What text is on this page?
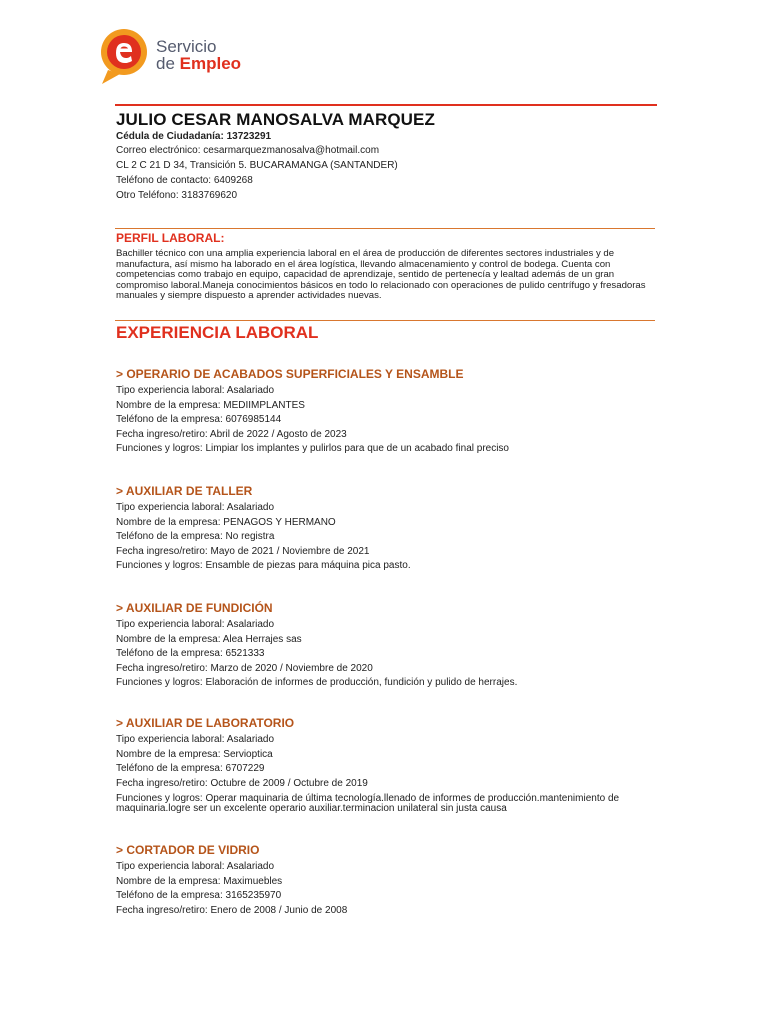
Servicio
de Empleo
JULIO CESAR MANOSALVA MARQUEZ
Cédula de Ciudadanía: 13723291
Correo electrónico: cesarmarquezmanosalva@hotmail.com
CL 2 C 21 D 34, Transición 5. BUCARAMANGA (SANTANDER)
Teléfono de contacto: 6409268
Otro Teléfono: 3183769620
PERFIL LABORAL:

Bachiller técnico con una amplia experiencia laboral en el área de producción de diferentes sectores industriales y de manufactura, así mismo ha laborado en el área logística, llevando almacenamiento y control de bodega. Cuenta con competencias como trabajo en equipo, capacidad de aprendizaje, sentido de pertenecía y lealtad además de un gran compromiso laboral.Maneja conocimientos básicos en todo lo relacionado con operaciones de pulido centrífugo y fresadoras manuales y siempre dispuesto a aprender actividades nuevas.

EXPERIENCIA LABORAL
> OPERARIO DE ACABADOS SUPERFICIALES Y ENSAMBLE
Tipo experiencia laboral: Asalariado
Nombre de la empresa: MEDIIMPLANTES
Teléfono de la empresa: 6076985144
Fecha ingreso/retiro: Abril de 2022 / Agosto de 2023
Funciones y logros: Limpiar los implantes y pulirlos para que de un acabado final preciso
> AUXILIAR DE TALLER
Tipo experiencia laboral: Asalariado
Nombre de la empresa: PENAGOS Y HERMANO
Teléfono de la empresa: No registra
Fecha ingreso/retiro: Mayo de 2021 / Noviembre de 2021
Funciones y logros: Ensamble de piezas para máquina pica pasto.
> AUXILIAR DE FUNDICIÓN
Tipo experiencia laboral: Asalariado
Nombre de la empresa: Alea Herrajes sas
Teléfono de la empresa: 6521333
Fecha ingreso/retiro: Marzo de 2020 / Noviembre de 2020
Funciones y logros: Elaboración de informes de producción, fundición y pulido de herrajes.
> AUXILIAR DE LABORATORIO
Tipo experiencia laboral: Asalariado
Nombre de la empresa: Servioptica
Teléfono de la empresa: 6707229
Fecha ingreso/retiro: Octubre de 2009 / Octubre de 2019
Funciones y logros: Operar maquinaria de última tecnología.llenado de informes de producción.mantenimiento de maquinaria.logre ser un excelente operario auxiliar.terminacion unilateral sin justa causa
> CORTADOR DE VIDRIO
Tipo experiencia laboral: Asalariado
Nombre de la empresa: Maximuebles
Teléfono de la empresa: 3165235970
Fecha ingreso/retiro: Enero de 2008 / Junio de 2008
